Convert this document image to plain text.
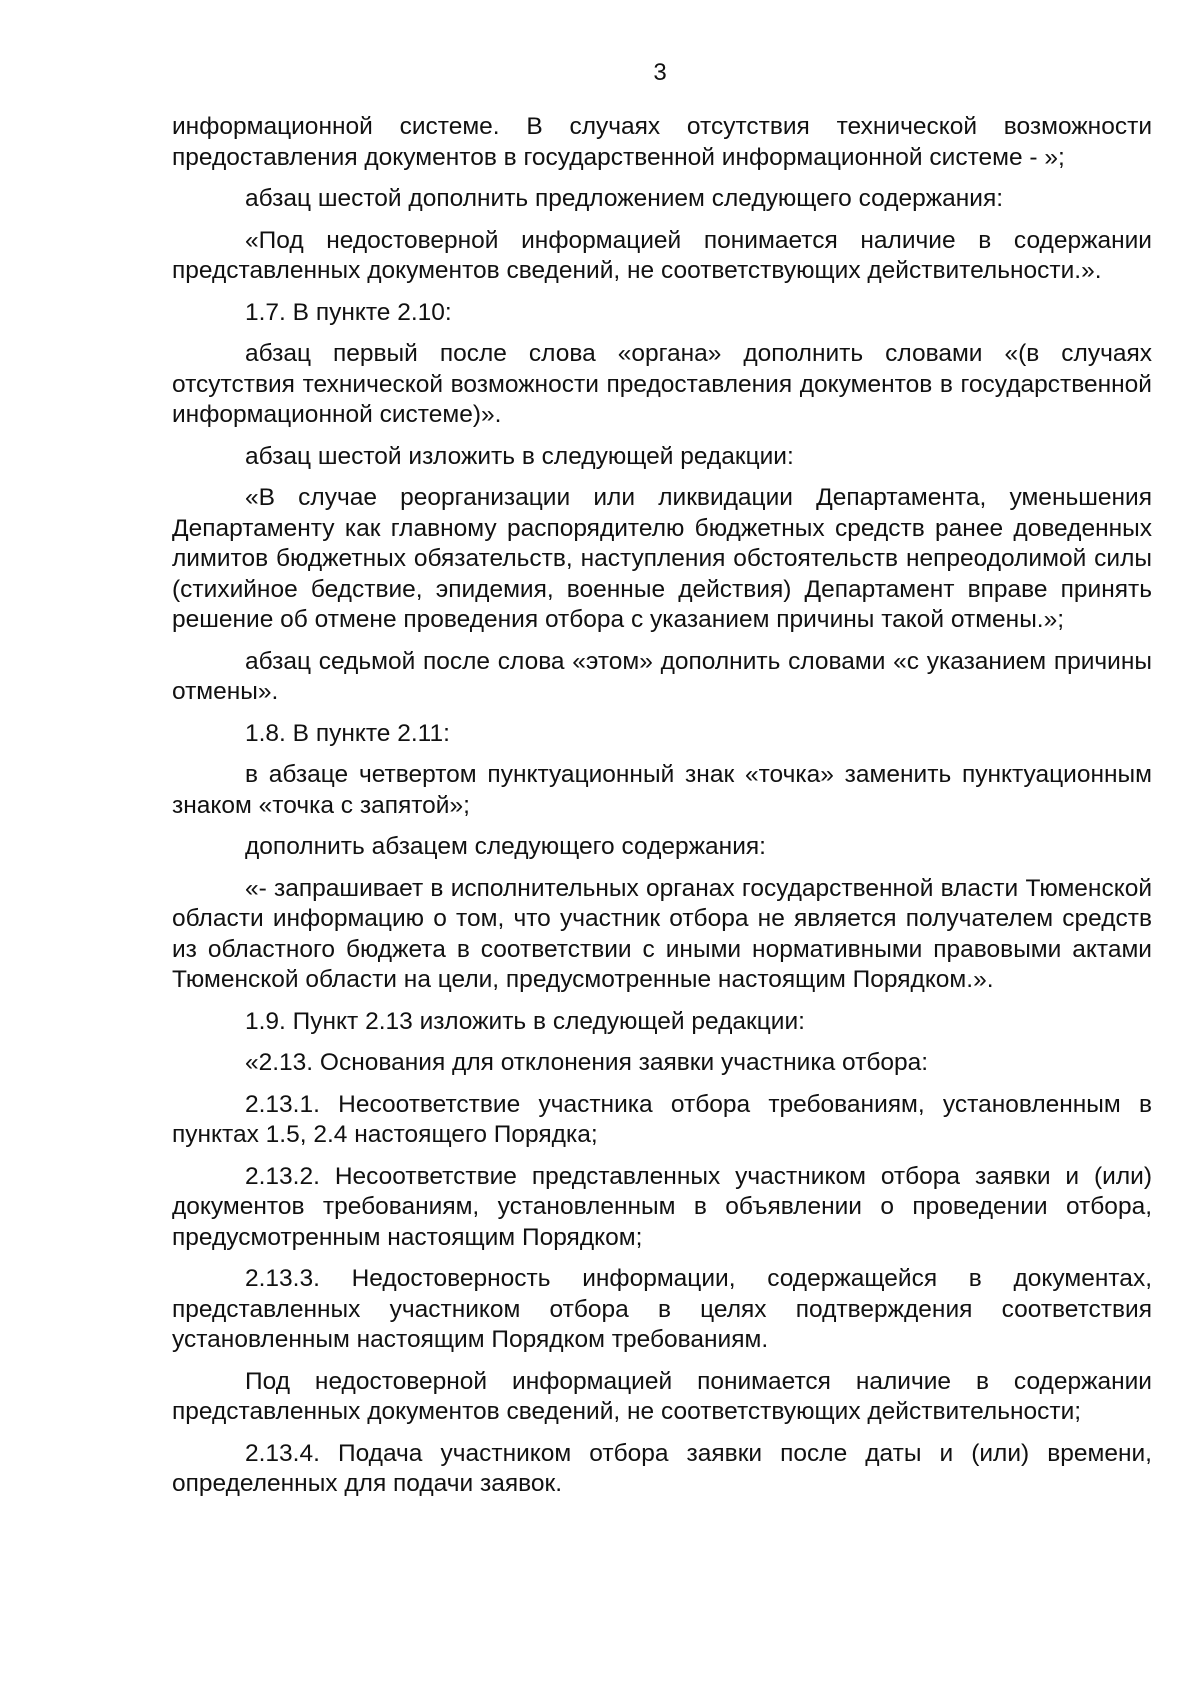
3

информационной системе. В случаях отсутствия технической возможности предоставления документов в государственной информационной системе - »;

абзац шестой дополнить предложением следующего содержания:

«Под недостоверной информацией понимается наличие в содержании представленных документов сведений, не соответствующих действительности.».

1.7. В пункте 2.10:

абзац первый после слова «органа» дополнить словами «(в случаях отсутствия технической возможности предоставления документов в государственной информационной системе)».

абзац шестой изложить в следующей редакции:

«В случае реорганизации или ликвидации Департамента, уменьшения Департаменту как главному распорядителю бюджетных средств ранее доведенных лимитов бюджетных обязательств, наступления обстоятельств непреодолимой силы (стихийное бедствие, эпидемия, военные действия) Департамент вправе принять решение об отмене проведения отбора с указанием причины такой отмены.»;

абзац седьмой после слова «этом» дополнить словами «с указанием причины отмены».

1.8. В пункте 2.11:

в абзаце четвертом пунктуационный знак «точка» заменить пунктуационным знаком «точка с запятой»;

дополнить абзацем следующего содержания:

«- запрашивает в исполнительных органах государственной власти Тюменской области информацию о том, что участник отбора не является получателем средств из областного бюджета в соответствии с иными нормативными правовыми актами Тюменской области на цели, предусмотренные настоящим Порядком.».

1.9. Пункт 2.13 изложить в следующей редакции:

«2.13. Основания для отклонения заявки участника отбора:

2.13.1. Несоответствие участника отбора требованиям, установленным в пунктах 1.5, 2.4 настоящего Порядка;

2.13.2. Несоответствие представленных участником отбора заявки и (или) документов требованиям, установленным в объявлении о проведении отбора, предусмотренным настоящим Порядком;

2.13.3. Недостоверность информации, содержащейся в документах, представленных участником отбора в целях подтверждения соответствия установленным настоящим Порядком требованиям.

Под недостоверной информацией понимается наличие в содержании представленных документов сведений, не соответствующих действительности;

2.13.4. Подача участником отбора заявки после даты и (или) времени, определенных для подачи заявок.
